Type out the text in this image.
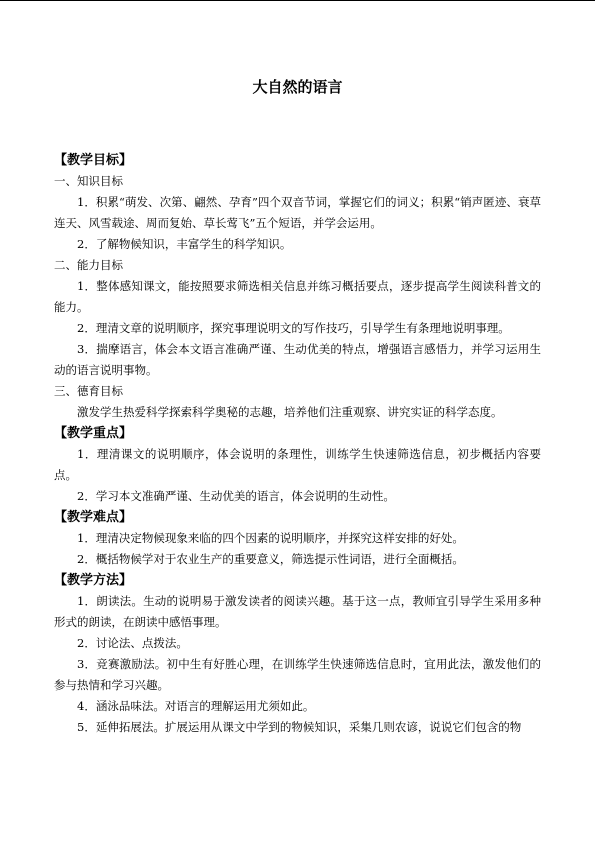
大自然的语言
【教学目标】
一、知识目标
1．积累“萌发、次第、翩然、孕育”四个双音节词，掌握它们的词义；积累“销声匿迹、衰草连天、风雪载途、周而复始、草长莺飞”五个短语，并学会运用。
2．了解物候知识，丰富学生的科学知识。
二、能力目标
1．整体感知课文，能按照要求筛选相关信息并练习概括要点，逐步提高学生阅读科普文的能力。
2．理清文章的说明顺序，探究事理说明文的写作技巧，引导学生有条理地说明事理。
3．揣摩语言，体会本文语言准确严谨、生动优美的特点，增强语言感悟力，并学习运用生动的语言说明事物。
三、德育目标
激发学生热爱科学探索科学奥秘的志趣，培养他们注重观察、讲究实证的科学态度。
【教学重点】
1．理清课文的说明顺序，体会说明的条理性，训练学生快速筛选信息，初步概括内容要点。
2．学习本文准确严谨、生动优美的语言，体会说明的生动性。
【教学难点】
1．理清决定物候现象来临的四个因素的说明顺序，并探究这样安排的好处。
2．概括物候学对于农业生产的重要意义，筛选提示性词语，进行全面概括。
【教学方法】
1．朗读法。生动的说明易于激发读者的阅读兴趣。基于这一点，教师宜引导学生采用多种形式的朗读，在朗读中感悟事理。
2．讨论法、点拨法。
3．竞赛激励法。初中生有好胜心理，在训练学生快速筛选信息时，宜用此法，激发他们的参与热情和学习兴趣。
4．涵泳品味法。对语言的理解运用尤须如此。
5．延伸拓展法。扩展运用从课文中学到的物候知识，采集几则农谚，说说它们包含的物
